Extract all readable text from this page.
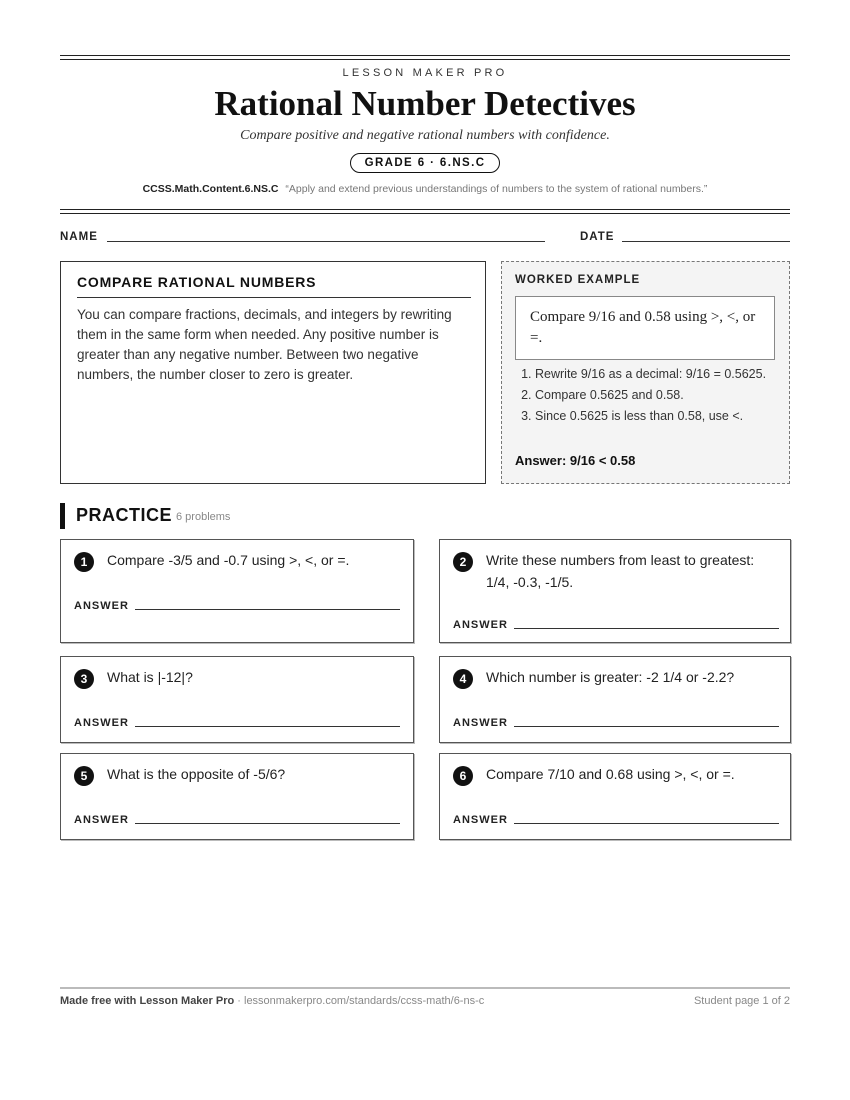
LESSON MAKER PRO
Rational Number Detectives
Compare positive and negative rational numbers with confidence.
GRADE 6 · 6.NS.C
CCSS.Math.Content.6.NS.C “Apply and extend previous understandings of numbers to the system of rational numbers.”
NAME	DATE
COMPARE RATIONAL NUMBERS
You can compare fractions, decimals, and integers by rewriting them in the same form when needed. Any positive number is greater than any negative number. Between two negative numbers, the number closer to zero is greater.
WORKED EXAMPLE
Compare 9/16 and 0.58 using >, <, or =.
1. Rewrite 9/16 as a decimal: 9/16 = 0.5625.
2. Compare 0.5625 and 0.58.
3. Since 0.5625 is less than 0.58, use <.
Answer: 9/16 < 0.58
PRACTICE 6 problems
1	Compare -3/5 and -0.7 using >, <, or =.
ANSWER
2	Write these numbers from least to greatest: 1/4, -0.3, -1/5.
ANSWER
3	What is |-12|?
ANSWER
4	Which number is greater: -2 1/4 or -2.2?
ANSWER
5	What is the opposite of -5/6?
ANSWER
6	Compare 7/10 and 0.68 using >, <, or =.
ANSWER
Made free with Lesson Maker Pro · lessonmakerpro.com/standards/ccss-math/6-ns-c	Student page 1 of 2
